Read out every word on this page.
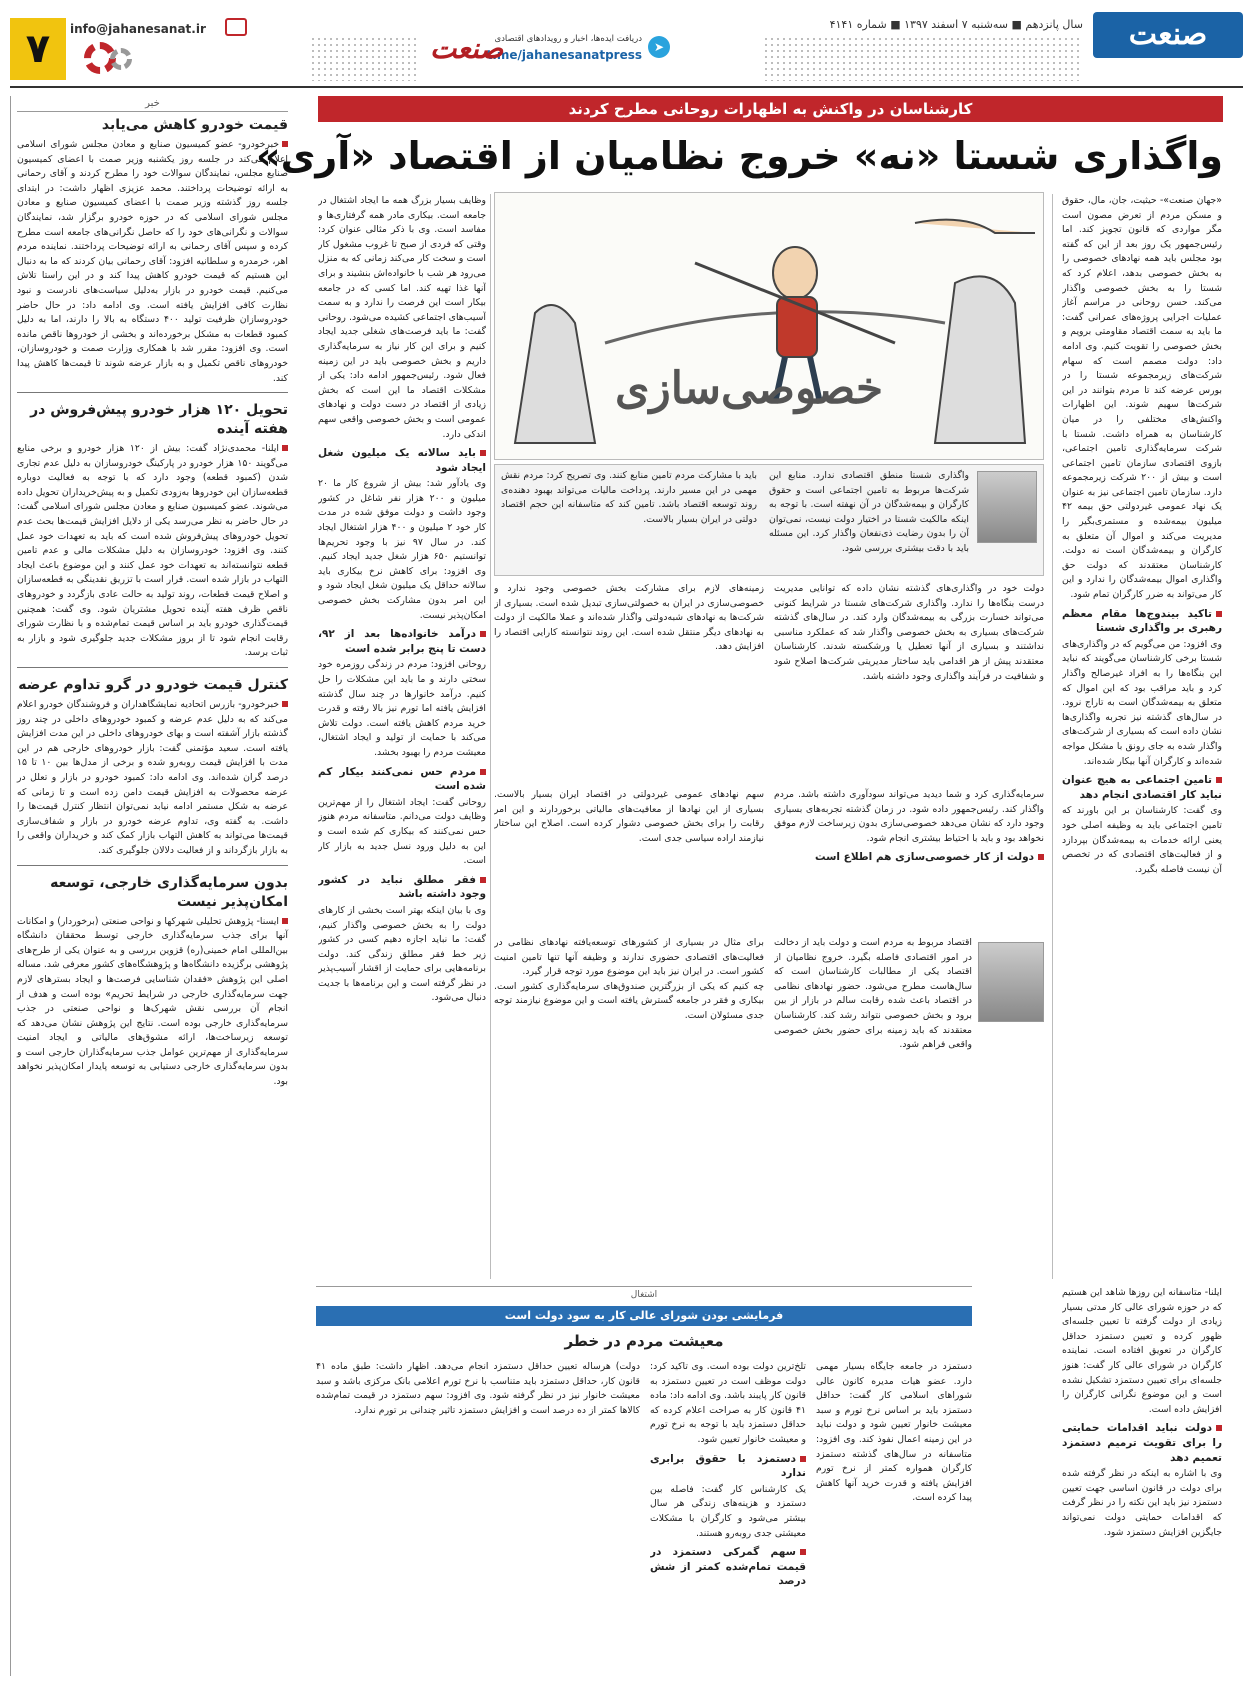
صنعت
سال پانزدهم ■ سه‌شنبه ۷ اسفند ۱۳۹۷ ■ شماره ۴۱۴۱
➤
دریافت ایده‌ها، اخبار و رویدادهای اقتصادی
t.me/jahanesanatpress
صنعت
info@jahanesanat.ir
۷
خبر
قیمت خودرو کاهش می‌یابد

خبرخودرو- عضو کمیسیون صنایع و معادن مجلس شورای اسلامی اعلام می‌کند در جلسه روز یکشنبه وزیر صمت با اعضای کمیسیون صنایع مجلس، نمایندگان سوالات خود را مطرح کردند و آقای رحمانی به ارائه توضیحات پرداختند. محمد عزیزی اظهار داشت: در ابتدای جلسه روز گذشته وزیر صمت با اعضای کمیسیون صنایع و معادن مجلس شورای اسلامی که در حوزه خودرو برگزار شد، نمایندگان سوالات و نگرانی‌های خود را که حاصل نگرانی‌های جامعه است مطرح کرده و سپس آقای رحمانی به ارائه توضیحات پرداختند. نماینده مردم اهر، خرمدره و سلطانیه افزود: آقای رحمانی بیان کردند که ما به دنبال این هستیم که قیمت خودرو کاهش پیدا کند و در این راستا تلاش می‌کنیم. قیمت خودرو در بازار به‌دلیل سیاست‌های نادرست و نبود نظارت کافی افزایش یافته است. وی ادامه داد: در حال حاضر خودروسازان ظرفیت تولید ۴۰۰ دستگاه به بالا را دارند، اما به دلیل کمبود قطعات به مشکل برخورده‌اند و بخشی از خودروها ناقص مانده است. وی افزود: مقرر شد با همکاری وزارت صمت و خودروسازان، خودروهای ناقص تکمیل و به بازار عرضه شوند تا قیمت‌ها کاهش پیدا کند.

تحویل ۱۲۰ هزار خودرو پیش‌فروش در هفته آینده

ایلنا- محمدی‌نژاد گفت: بیش از ۱۲۰ هزار خودرو و برخی منابع می‌گویند ۱۵۰ هزار خودرو در پارکینگ خودروسازان به دلیل عدم تجاری شدن (کمبود قطعه) وجود دارد که با توجه به فعالیت دوباره قطعه‌سازان این خودروها به‌زودی تکمیل و به پیش‌خریداران تحویل داده می‌شوند. عضو کمیسیون صنایع و معادن مجلس شورای اسلامی گفت: در حال حاضر به نظر می‌رسد یکی از دلایل افزایش قیمت‌ها بحث عدم تحویل خودروهای پیش‌فروش شده است که باید به تعهدات خود عمل کنند. وی افزود: خودروسازان به دلیل مشکلات مالی و عدم تامین قطعه نتوانسته‌اند به تعهدات خود عمل کنند و این موضوع باعث ایجاد التهاب در بازار شده است. قرار است با تزریق نقدینگی به قطعه‌سازان و اصلاح قیمت قطعات، روند تولید به حالت عادی بازگردد و خودروهای ناقص ظرف هفته آینده تحویل مشتریان شود. وی گفت: همچنین قیمت‌گذاری خودرو باید بر اساس قیمت تمام‌شده و با نظارت شورای رقابت انجام شود تا از بروز مشکلات جدید جلوگیری شود و بازار به ثبات برسد.

کنترل قیمت خودرو در گرو تداوم عرضه

خبرخودرو- بازرس اتحادیه نمایشگاهداران و فروشندگان خودرو اعلام می‌کند که به دلیل عدم عرضه و کمبود خودروهای داخلی در چند روز گذشته بازار آشفته است و بهای خودروهای داخلی در این مدت افزایش یافته است. سعید مؤتمنی گفت: بازار خودروهای خارجی هم در این مدت با افزایش قیمت روبه‌رو شده و برخی از مدل‌ها بین ۱۰ تا ۱۵ درصد گران شده‌اند. وی ادامه داد: کمبود خودرو در بازار و تعلل در عرضه محصولات به افزایش قیمت دامن زده است و تا زمانی که عرضه به شکل مستمر ادامه نیابد نمی‌توان انتظار کنترل قیمت‌ها را داشت. به گفته وی، تداوم عرضه خودرو در بازار و شفاف‌سازی قیمت‌ها می‌تواند به کاهش التهاب بازار کمک کند و خریداران واقعی را به بازار بازگرداند و از فعالیت دلالان جلوگیری کند.

بدون سرمایه‌گذاری خارجی، توسعه امکان‌پذیر نیست

ایسنا- پژوهش تحلیلی شهرکها و نواحی صنعتی (برخوردار) و امکانات آنها برای جذب سرمایه‌گذاری خارجی توسط محققان دانشگاه بین‌المللی امام خمینی(ره) قزوین بررسی و به عنوان یکی از طرح‌های پژوهشی برگزیده دانشگاه‌ها و پژوهشگاه‌های کشور معرفی شد. مساله اصلی این پژوهش «فقدان شناسایی فرصت‌ها و ایجاد بسترهای لازم جهت سرمایه‌گذاری خارجی در شرایط تحریم» بوده است و هدف از انجام آن بررسی نقش شهرک‌ها و نواحی صنعتی در جذب سرمایه‌گذاری خارجی بوده است. نتایج این پژوهش نشان می‌دهد که توسعه زیرساخت‌ها، ارائه مشوق‌های مالیاتی و ایجاد امنیت سرمایه‌گذاری از مهم‌ترین عوامل جذب سرمایه‌گذاران خارجی است و بدون سرمایه‌گذاری خارجی دستیابی به توسعه پایدار امکان‌پذیر نخواهد بود.

کارشناسان در واکنش به اظهارات روحانی مطرح کردند
واگذاری شستا «نه» خروج نظامیان از اقتصاد «آری»

«جهان صنعت»- حیثیت، جان، مال، حقوق و مسکن مردم از تعرض مصون است مگر مواردی که قانون تجویز کند. اما رئیس‌جمهور یک روز بعد از این که گفته بود مجلس باید همه نهادهای خصوصی را به بخش خصوصی بدهد، اعلام کرد که شستا را به بخش خصوصی واگذار می‌کند. حسن روحانی در مراسم آغاز عملیات اجرایی پروژه‌های عمرانی گفت: ما باید به سمت اقتصاد مقاومتی برویم و بخش خصوصی را تقویت کنیم. وی ادامه داد: دولت مصمم است که سهام شرکت‌های زیرمجموعه شستا را در بورس عرضه کند تا مردم بتوانند در این شرکت‌ها سهیم شوند. این اظهارات واکنش‌های مختلفی را در میان کارشناسان به همراه داشت. شستا با شرکت سرمایه‌گذاری تامین اجتماعی، بازوی اقتصادی سازمان تامین اجتماعی است و بیش از ۲۰۰ شرکت زیرمجموعه دارد. سازمان تامین اجتماعی نیز به عنوان یک نهاد عمومی غیردولتی حق بیمه ۴۲ میلیون بیمه‌شده و مستمری‌بگیر را مدیریت می‌کند و اموال آن متعلق به کارگران و بیمه‌شدگان است نه دولت. کارشناسان معتقدند که دولت حق واگذاری اموال بیمه‌شدگان را ندارد و این کار می‌تواند به ضرر کارگران تمام شود.

تاکید بیندوج‌ها مقام معظم رهبری بر واگذاری شستا

وی افزود: من می‌گویم که در واگذاری‌های شستا برخی کارشناسان می‌گویند که نباید این بنگاه‌ها را به افراد غیرصالح واگذار کرد و باید مراقب بود که این اموال که متعلق به بیمه‌شدگان است به تاراج نرود. در سال‌های گذشته نیز تجربه واگذاری‌ها نشان داده است که بسیاری از شرکت‌های واگذار شده به جای رونق با مشکل مواجه شده‌اند و کارگران آنها بیکار شده‌اند.

تامین اجتماعی به هیچ عنوان نباید کار اقتصادی انجام دهد

وی گفت: کارشناسان بر این باورند که تامین اجتماعی باید به وظیفه اصلی خود یعنی ارائه خدمات به بیمه‌شدگان بپردازد و از فعالیت‌های اقتصادی که در تخصص آن نیست فاصله بگیرد.

خصوصی‌سازی

وظایف بسیار بزرگ همه ما ایجاد اشتغال در جامعه است. بیکاری مادر همه گرفتاری‌ها و مفاسد است. وی با ذکر مثالی عنوان کرد: وقتی که فردی از صبح تا غروب مشغول کار است و سخت کار می‌کند زمانی که به منزل می‌رود هر شب با خانواده‌اش بنشیند و برای آنها غذا تهیه کند. اما کسی که در جامعه بیکار است این فرصت را ندارد و به سمت آسیب‌های اجتماعی کشیده می‌شود. روحانی گفت: ما باید فرصت‌های شغلی جدید ایجاد کنیم و برای این کار نیاز به سرمایه‌گذاری داریم و بخش خصوصی باید در این زمینه فعال شود. رئیس‌جمهور ادامه داد: یکی از مشکلات اقتصاد ما این است که بخش زیادی از اقتصاد در دست دولت و نهادهای عمومی است و بخش خصوصی واقعی سهم اندکی دارد.

باید سالانه یک میلیون شغل ایجاد شود

وی یادآور شد: بیش از شروع کار ما ۲۰ میلیون و ۲۰۰ هزار نفر شاغل در کشور وجود داشت و دولت موفق شده در مدت کار خود ۲ میلیون و ۴۰۰ هزار اشتغال ایجاد کند. در سال ۹۷ نیز با وجود تحریم‌ها توانستیم ۶۵۰ هزار شغل جدید ایجاد کنیم. وی افزود: برای کاهش نرخ بیکاری باید سالانه حداقل یک میلیون شغل ایجاد شود و این امر بدون مشارکت بخش خصوصی امکان‌پذیر نیست.

درآمد خانواده‌ها بعد از ۹۲، دست تا پنج برابر شده است

روحانی افزود: مردم در زندگی روزمره خود سختی دارند و ما باید این مشکلات را حل کنیم. درآمد خانوارها در چند سال گذشته افزایش یافته اما تورم نیز بالا رفته و قدرت خرید مردم کاهش یافته است. دولت تلاش می‌کند با حمایت از تولید و ایجاد اشتغال، معیشت مردم را بهبود بخشد.

مردم حس نمی‌کنند بیکار کم شده است

روحانی گفت: ایجاد اشتغال را از مهم‌ترین وظایف دولت می‌دانم. متاسفانه مردم هنوز حس نمی‌کنند که بیکاری کم شده است و این به دلیل ورود نسل جدید به بازار کار است.

فقر مطلق نباید در کشور وجود داشته باشد

وی با بیان اینکه بهتر است بخشی از کارهای دولت را به بخش خصوصی واگذار کنیم، گفت: ما نباید اجازه دهیم کسی در کشور زیر خط فقر مطلق زندگی کند. دولت برنامه‌هایی برای حمایت از اقشار آسیب‌پذیر در نظر گرفته است و این برنامه‌ها با جدیت دنبال می‌شود.

واگذاری شستا منطق اقتصادی ندارد. منابع این شرکت‌ها مربوط به تامین اجتماعی است و حقوق کارگران و بیمه‌شدگان در آن نهفته است. با توجه به اینکه مالکیت شستا در اختیار دولت نیست، نمی‌توان آن را بدون رضایت ذی‌نفعان واگذار کرد. این مسئله باید با دقت بیشتری بررسی شود.

باید با مشارکت مردم تامین منابع کنند. وی تصریح کرد: مردم نقش مهمی در این مسیر دارند. پرداخت مالیات می‌تواند بهبود دهنده‌ی روند توسعه اقتصاد باشد. تامین کند که متاسفانه این حجم اقتصاد دولتی در ایران بسیار بالاست.

دولت خود در واگذاری‌های گذشته نشان داده که توانایی مدیریت درست بنگاه‌ها را ندارد. واگذاری شرکت‌های شستا در شرایط کنونی می‌تواند خسارت بزرگی به بیمه‌شدگان وارد کند. در سال‌های گذشته شرکت‌های بسیاری به بخش خصوصی واگذار شد که عملکرد مناسبی نداشتند و بسیاری از آنها تعطیل یا ورشکسته شدند. کارشناسان معتقدند پیش از هر اقدامی باید ساختار مدیریتی شرکت‌ها اصلاح شود و شفافیت در فرآیند واگذاری وجود داشته باشد.

زمینه‌های لازم برای مشارکت بخش خصوصی وجود ندارد و خصوصی‌سازی در ایران به خصولتی‌سازی تبدیل شده است. بسیاری از شرکت‌ها به نهادهای شبه‌دولتی واگذار شده‌اند و عملا مالکیت از دولت به نهادهای دیگر منتقل شده است. این روند نتوانسته کارایی اقتصاد را افزایش دهد.

سرمایه‌گذاری کرد و شما دیدید می‌تواند سودآوری داشته باشد. مردم واگذار کند. رئیس‌جمهور داده شود. در زمان گذشته تجربه‌های بسیاری وجود دارد که نشان می‌دهد خصوصی‌سازی بدون زیرساخت لازم موفق نخواهد بود و باید با احتیاط بیشتری انجام شود.

دولت از کار خصوصی‌سازی هم اطلاع است

سهم نهادهای عمومی غیردولتی در اقتصاد ایران بسیار بالاست. بسیاری از این نهادها از معافیت‌های مالیاتی برخوردارند و این امر رقابت را برای بخش خصوصی دشوار کرده است. اصلاح این ساختار نیازمند اراده سیاسی جدی است.

اقتصاد مربوط به مردم است و دولت باید از دخالت در امور اقتصادی فاصله بگیرد. خروج نظامیان از اقتصاد یکی از مطالبات کارشناسان است که سال‌هاست مطرح می‌شود. حضور نهادهای نظامی در اقتصاد باعث شده رقابت سالم در بازار از بین برود و بخش خصوصی نتواند رشد کند. کارشناسان معتقدند که باید زمینه برای حضور بخش خصوصی واقعی فراهم شود.

برای مثال در بسیاری از کشورهای توسعه‌یافته نهادهای نظامی در فعالیت‌های اقتصادی حضوری ندارند و وظیفه آنها تنها تامین امنیت کشور است. در ایران نیز باید این موضوع مورد توجه قرار گیرد.

چه کنیم که یکی از بزرگترین صندوق‌های سرمایه‌گذاری کشور است. بیکاری و فقر در جامعه گسترش یافته است و این موضوع نیازمند توجه جدی مسئولان است.

اشتغال
فرمایشی بودن شورای عالی کار به سود دولت است
معیشت مردم در خطر

ایلنا- متاسفانه این روزها شاهد این هستیم که در حوزه شورای عالی کار مدتی بسیار زیادی از دولت گرفته تا تعیین جلسه‌ای ظهور کرده و تعیین دستمزد حداقل کارگران در تعویق افتاده است. نماینده کارگران در شورای عالی کار گفت: هنوز جلسه‌ای برای تعیین دستمزد تشکیل نشده است و این موضوع نگرانی کارگران را افزایش داده است.

دولت نباید اقدامات حمایتی را برای تقویت ترمیم دستمزد تعمیم دهد

وی با اشاره به اینکه در نظر گرفته شده برای دولت در قانون اساسی جهت تعیین دستمزد نیز باید این نکته را در نظر گرفت که اقدامات حمایتی دولت نمی‌تواند جایگزین افزایش دستمزد شود.

دستمزد در جامعه جایگاه بسیار مهمی دارد. عضو هیات مدیره کانون عالی شوراهای اسلامی کار گفت: حداقل دستمزد باید بر اساس نرخ تورم و سبد معیشت خانوار تعیین شود و دولت نباید در این زمینه اعمال نفوذ کند. وی افزود: متاسفانه در سال‌های گذشته دستمزد کارگران همواره کمتر از نرخ تورم افزایش یافته و قدرت خرید آنها کاهش پیدا کرده است.

تلخ‌ترین دولت بوده است. وی تاکید کرد: دولت موظف است در تعیین دستمزد به قانون کار پایبند باشد. وی ادامه داد: ماده ۴۱ قانون کار به صراحت اعلام کرده که حداقل دستمزد باید با توجه به نرخ تورم و معیشت خانوار تعیین شود.

دستمزد با حقوق برابری ندارد

یک کارشناس کار گفت: فاصله بین دستمزد و هزینه‌های زندگی هر سال بیشتر می‌شود و کارگران با مشکلات معیشتی جدی روبه‌رو هستند.

سهم گمرکی دستمزد در قیمت تمام‌شده کمتر از شش درصد

دولت) هرساله تعیین حداقل دستمزد انجام می‌دهد. اظهار داشت: طبق ماده ۴۱ قانون کار، حداقل دستمزد باید متناسب با نرخ تورم اعلامی بانک مرکزی باشد و سبد معیشت خانوار نیز در نظر گرفته شود. وی افزود: سهم دستمزد در قیمت تمام‌شده کالاها کمتر از ده درصد است و افزایش دستمزد تاثیر چندانی بر تورم ندارد.
